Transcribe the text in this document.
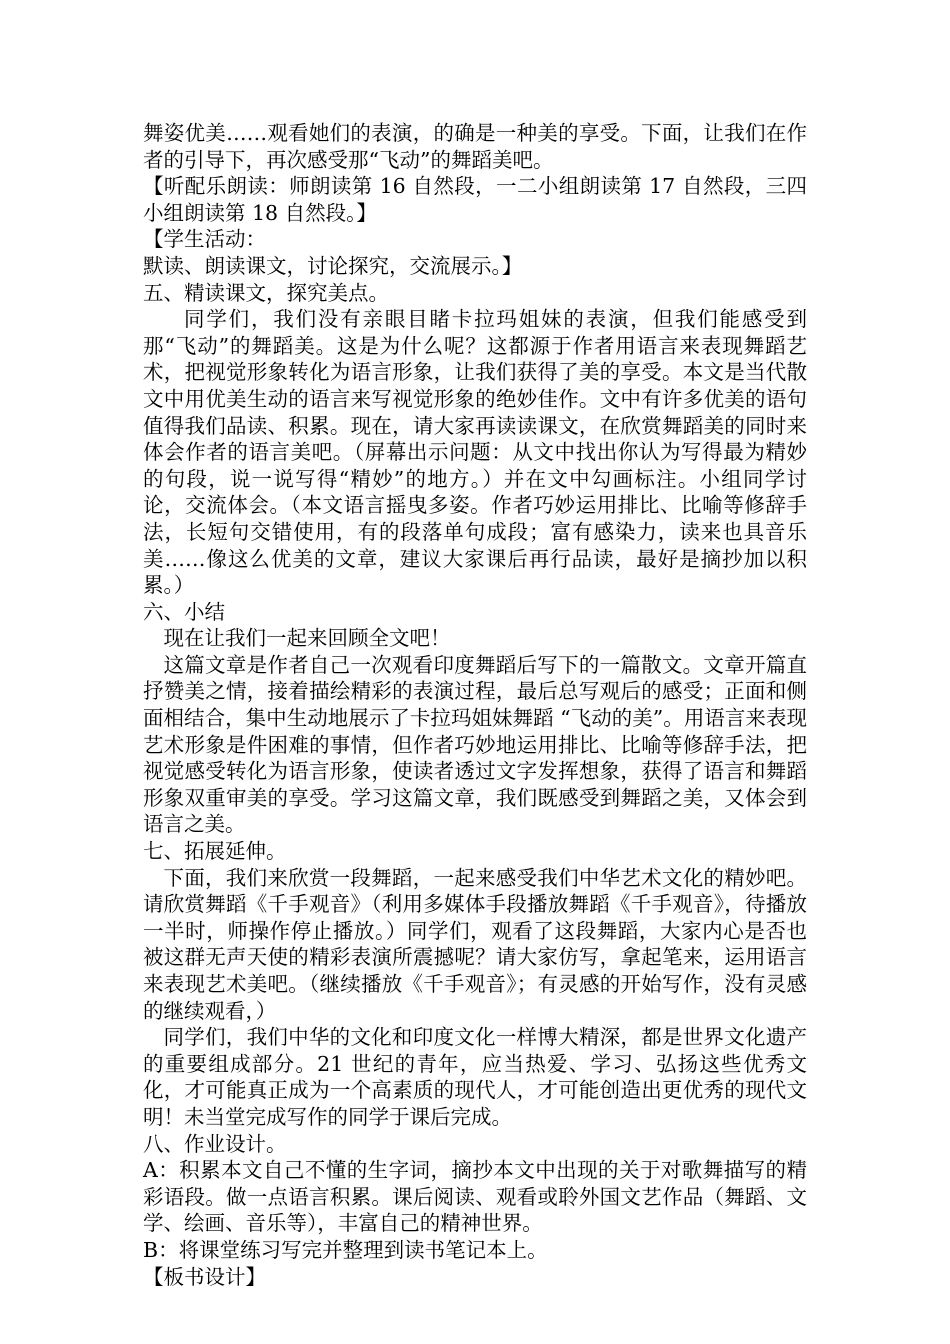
舞姿优美……观看她们的表演，的确是一种美的享受。下面，让我们在作者的引导下，再次感受那“飞动”的舞蹈美吧。

【听配乐朗读：师朗读第 16 自然段，一二小组朗读第 17 自然段，三四小组朗读第 18 自然段。】

【学生活动：

默读、朗读课文，讨论探究，交流展示。】

五、精读课文，探究美点。

同学们，我们没有亲眼目睹卡拉玛姐妹的表演，但我们能感受到那“飞动”的舞蹈美。这是为什么呢？这都源于作者用语言来表现舞蹈艺术，把视觉形象转化为语言形象，让我们获得了美的享受。本文是当代散文中用优美生动的语言来写视觉形象的绝妙佳作。文中有许多优美的语句值得我们品读、积累。现在，请大家再读读课文，在欣赏舞蹈美的同时来体会作者的语言美吧。（屏幕出示问题：从文中找出你认为写得最为精妙的句段，说一说写得“精妙”的地方。）并在文中勾画标注。小组同学讨论，交流体会。（本文语言摇曳多姿。作者巧妙运用排比、比喻等修辞手法，长短句交错使用，有的段落单句成段；富有感染力，读来也具音乐美……像这么优美的文章，建议大家课后再行品读，最好是摘抄加以积累。）

六、小结

现在让我们一起来回顾全文吧！

这篇文章是作者自己一次观看印度舞蹈后写下的一篇散文。文章开篇直抒赞美之情，接着描绘精彩的表演过程，最后总写观后的感受；正面和侧面相结合，集中生动地展示了卡拉玛姐妹舞蹈 “飞动的美”。用语言来表现艺术形象是件困难的事情，但作者巧妙地运用排比、比喻等修辞手法，把视觉感受转化为语言形象，使读者透过文字发挥想象，获得了语言和舞蹈形象双重审美的享受。学习这篇文章，我们既感受到舞蹈之美，又体会到语言之美。

七、拓展延伸。

下面，我们来欣赏一段舞蹈，一起来感受我们中华艺术文化的精妙吧。请欣赏舞蹈《千手观音》（利用多媒体手段播放舞蹈《千手观音》，待播放一半时，师操作停止播放。）同学们，观看了这段舞蹈，大家内心是否也被这群无声天使的精彩表演所震撼呢？请大家仿写，拿起笔来，运用语言来表现艺术美吧。（继续播放《千手观音》；有灵感的开始写作，没有灵感的继续观看，）

同学们，我们中华的文化和印度文化一样博大精深，都是世界文化遗产的重要组成部分。21 世纪的青年，应当热爱、学习、弘扬这些优秀文化，才可能真正成为一个高素质的现代人，才可能创造出更优秀的现代文明！未当堂完成写作的同学于课后完成。

八、作业设计。

A：积累本文自己不懂的生字词，摘抄本文中出现的关于对歌舞描写的精彩语段。做一点语言积累。课后阅读、观看或聆外国文艺作品（舞蹈、文学、绘画、音乐等），丰富自己的精神世界。

B：将课堂练习写完并整理到读书笔记本上。

【板书设计】
